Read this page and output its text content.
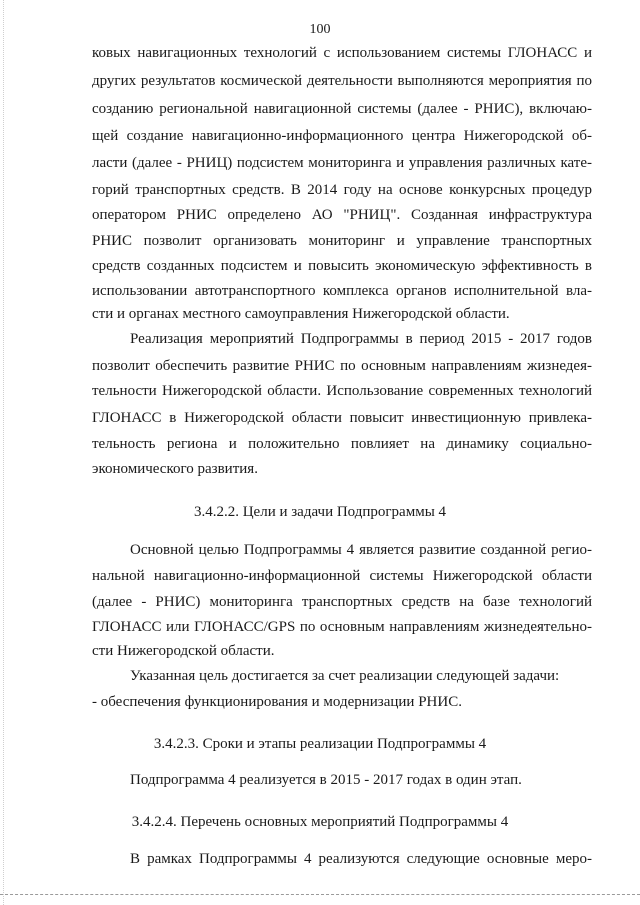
100
ковых навигационных технологий с использованием системы ГЛОНАСС и
других результатов космической деятельности выполняются мероприятия по
созданию региональной навигационной системы (далее - РНИС), включаю-
щей создание навигационно-информационного центра Нижегородской об-
ласти (далее - РНИЦ) подсистем мониторинга и управления различных кате-
горий транспортных средств. В 2014 году на основе конкурсных процедур
оператором РНИС определено АО "РНИЦ". Созданная инфраструктура
РНИС позволит организовать мониторинг и управление транспортных
средств созданных подсистем и повысить экономическую эффективность в
использовании автотранспортного комплекса органов исполнительной вла-
сти и органах местного самоуправления Нижегородской области.
Реализация мероприятий Подпрограммы в период 2015 - 2017 годов
позволит обеспечить развитие РНИС по основным направлениям жизнедея-
тельности Нижегородской области. Использование современных технологий
ГЛОНАСС в Нижегородской области повысит инвестиционную привлека-
тельность региона и положительно повлияет на динамику социально-
экономического развития.
3.4.2.2. Цели и задачи Подпрограммы 4
Основной целью Подпрограммы 4 является развитие созданной регио-
нальной навигационно-информационной системы Нижегородской области
(далее - РНИС) мониторинга транспортных средств на базе технологий
ГЛОНАСС или ГЛОНАСС/GPS по основным направлениям жизнедеятельно-
сти Нижегородской области.
Указанная цель достигается за счет реализации следующей задачи:
- обеспечения функционирования и модернизации РНИС.
3.4.2.3. Сроки и этапы реализации Подпрограммы 4
Подпрограмма 4 реализуется в 2015 - 2017 годах в один этап.
3.4.2.4. Перечень основных мероприятий Подпрограммы 4
В рамках Подпрограммы 4 реализуются следующие основные меро-
